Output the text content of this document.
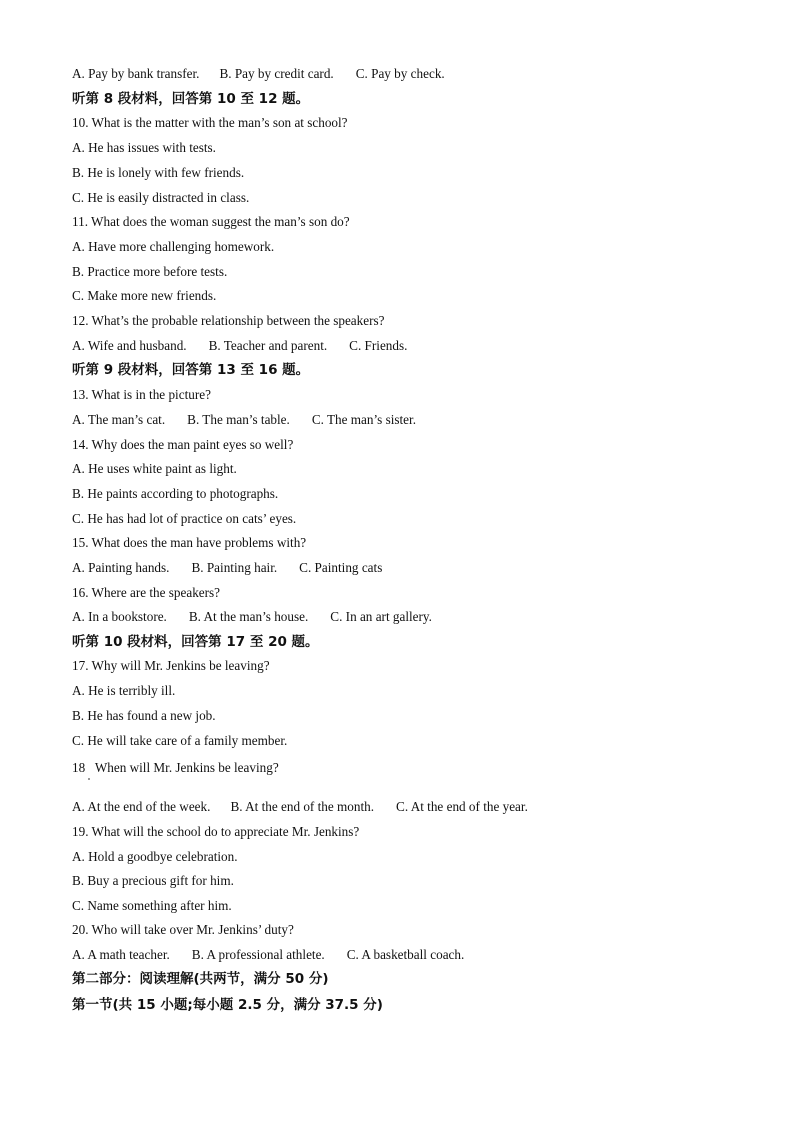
A. Pay by bank transfer. B. Pay by credit card. C. Pay by check.
听第 8 段材料，回答第 10 至 12 题。
10. What is the matter with the man’s son at school?
A. He has issues with tests.
B. He is lonely with few friends.
C. He is easily distracted in class.
11. What does the woman suggest the man’s son do?
A. Have more challenging homework.
B. Practice more before tests.
C. Make more new friends.
12. What’s the probable relationship between the speakers?
A. Wife and husband. B. Teacher and parent. C. Friends.
听第 9 段材料，回答第 13 至 16 题。
13. What is in the picture?
A. The man’s cat. B. The man’s table. C. The man’s sister.
14. Why does the man paint eyes so well?
A. He uses white paint as light.
B. He paints according to photographs.
C. He has had lot of practice on cats’ eyes.
15. What does the man have problems with?
A. Painting hands. B. Painting hair. C. Painting cats
16. Where are the speakers?
A. In a bookstore. B. At the man’s house. C. In an art gallery.
听第 10 段材料，回答第 17 至 20 题。
17. Why will Mr. Jenkins be leaving?
A. He is terribly ill.
B. He has found a new job.
C. He will take care of a family member.
18   When will Mr. Jenkins be leaving?
A. At the end of the week. B. At the end of the month. C. At the end of the year.
19. What will the school do to appreciate Mr. Jenkins?
A. Hold a goodbye celebration.
B. Buy a precious gift for him.
C. Name something after him.
20. Who will take over Mr. Jenkins’ duty?
A. A math teacher. B. A professional athlete. C. A basketball coach.
第二部分：阅读理解(共两节，满分 50 分)
第一节(共 15 小题;每小题 2.5 分，满分 37.5 分)
